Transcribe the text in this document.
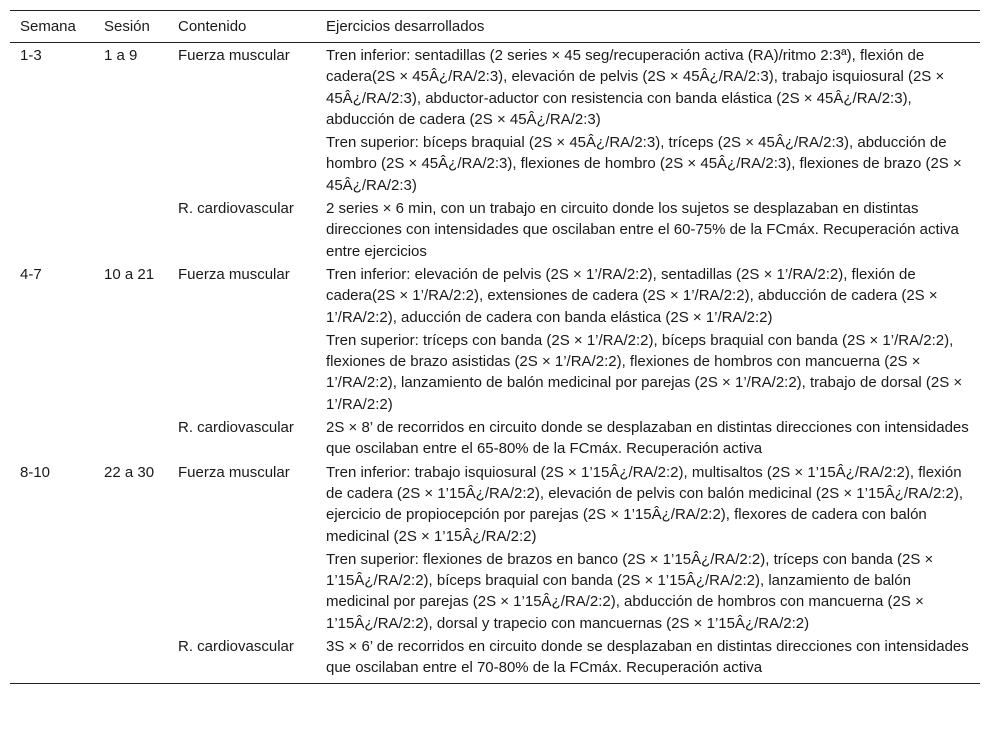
Semana	Sesión	Contenido	Ejercicios desarrollados
1-3	1 a 9	Fuerza muscular	Tren inferior: sentadillas (2 series × 45 seg/recuperación activa (RA)/ritmo 2:3ª), flexión de cadera(2S × 45Â¿/RA/2:3), elevación de pelvis (2S × 45Â¿/RA/2:3), trabajo isquiosural (2S × 45Â¿/RA/2:3), abductor-aductor con resistencia con banda elástica (2S × 45Â¿/RA/2:3), abducción de cadera (2S × 45Â¿/RA/2:3)
			Tren superior: bíceps braquial (2S × 45Â¿/RA/2:3), tríceps (2S × 45Â¿/RA/2:3), abducción de hombro (2S × 45Â¿/RA/2:3), flexiones de hombro (2S × 45Â¿/RA/2:3), flexiones de brazo (2S × 45Â¿/RA/2:3)
		R. cardiovascular	2 series × 6 min, con un trabajo en circuito donde los sujetos se desplazaban en distintas direcciones con intensidades que oscilaban entre el 60-75% de la FCmáx. Recuperación activa entre ejercicios
4-7	10 a 21	Fuerza muscular	Tren inferior: elevación de pelvis (2S × 1’/RA/2:2), sentadillas (2S × 1’/RA/2:2), flexión de cadera(2S × 1’/RA/2:2), extensiones de cadera (2S × 1’/RA/2:2), abducción de cadera (2S × 1’/RA/2:2), aducción de cadera con banda elástica (2S × 1’/RA/2:2)
			Tren superior: tríceps con banda (2S × 1’/RA/2:2), bíceps braquial con banda (2S × 1’/RA/2:2), flexiones de brazo asistidas (2S × 1’/RA/2:2), flexiones de hombros con mancuerna (2S × 1’/RA/2:2), lanzamiento de balón medicinal por parejas (2S × 1’/RA/2:2), trabajo de dorsal (2S × 1’/RA/2:2)
		R. cardiovascular	2S × 8’ de recorridos en circuito donde se desplazaban en distintas direcciones con intensidades que oscilaban entre el 65-80% de la FCmáx. Recuperación activa
8-10	22 a 30	Fuerza muscular	Tren inferior: trabajo isquiosural (2S × 1’15Â¿/RA/2:2), multisaltos (2S × 1’15Â¿/RA/2:2), flexión de cadera (2S × 1’15Â¿/RA/2:2), elevación de pelvis con balón medicinal (2S × 1’15Â¿/RA/2:2), ejercicio de propiocepción por parejas (2S × 1’15Â¿/RA/2:2), flexores de cadera con balón medicinal (2S × 1’15Â¿/RA/2:2)
			Tren superior: flexiones de brazos en banco (2S × 1’15Â¿/RA/2:2), tríceps con banda (2S × 1’15Â¿/RA/2:2), bíceps braquial con banda (2S × 1’15Â¿/RA/2:2), lanzamiento de balón medicinal por parejas (2S × 1’15Â¿/RA/2:2), abducción de hombros con mancuerna (2S × 1’15Â¿/RA/2:2), dorsal y trapecio con mancuernas (2S × 1’15Â¿/RA/2:2)
		R. cardiovascular	3S × 6’ de recorridos en circuito donde se desplazaban en distintas direcciones con intensidades que oscilaban entre el 70-80% de la FCmáx. Recuperación activa
